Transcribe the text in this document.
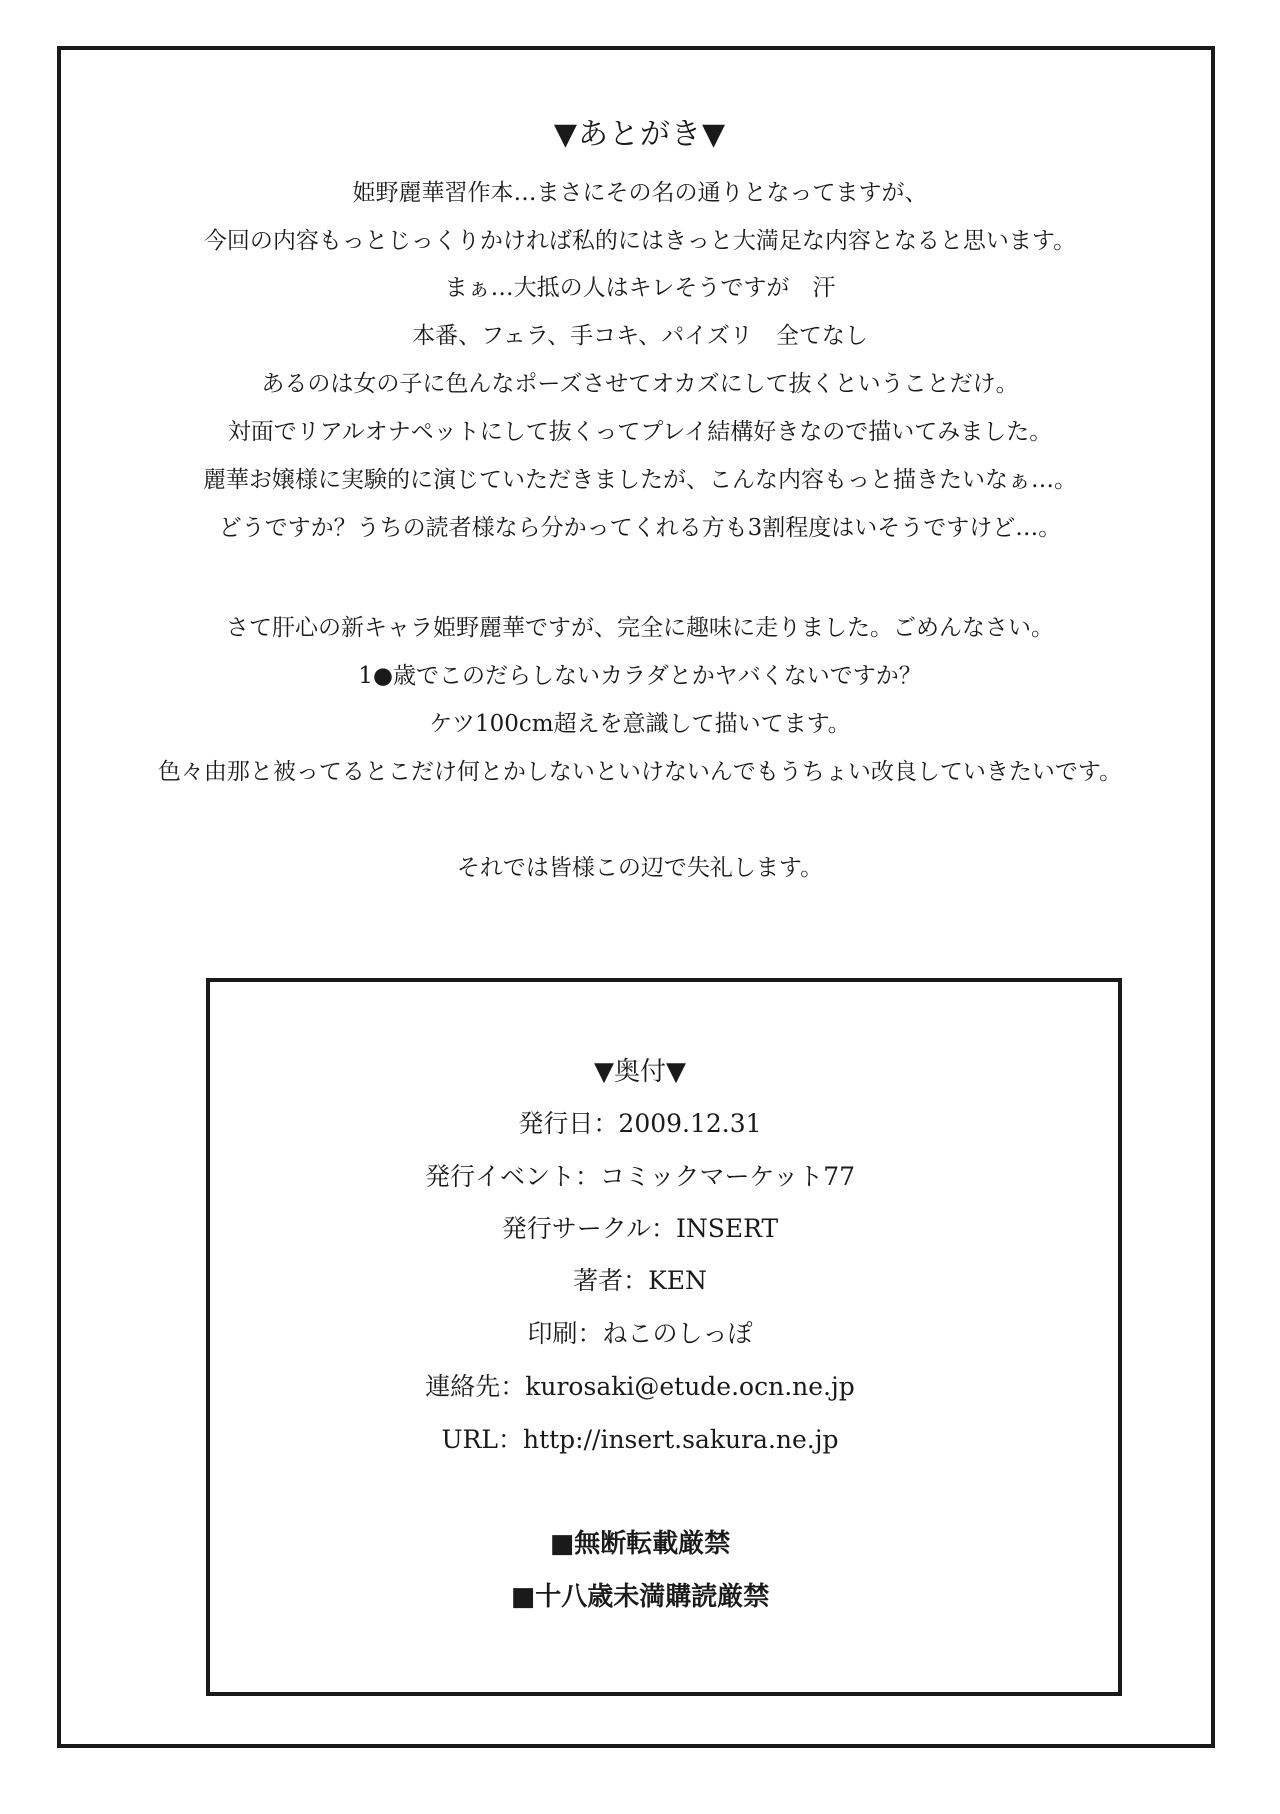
▼あとがき▼
姫野麗華習作本…まさにその名の通りとなってますが、
今回の内容もっとじっくりかければ私的にはきっと大満足な内容となると思います。
まぁ…大抵の人はキレそうですが　汗
本番、フェラ、手コキ、パイズリ　全てなし
あるのは女の子に色んなポーズさせてオカズにして抜くということだけ。
対面でリアルオナペットにして抜くってプレイ結構好きなので描いてみました。
麗華お嬢様に実験的に演じていただきましたが、こんな内容もっと描きたいなぁ…。
どうですか？うちの読者様なら分かってくれる方も3割程度はいそうですけど…。
さて肝心の新キャラ姫野麗華ですが、完全に趣味に走りました。ごめんなさい。
1●歳でこのだらしないカラダとかヤバくないですか？
ケツ100cm超えを意識して描いてます。
色々由那と被ってるとこだけ何とかしないといけないんでもうちょい改良していきたいです。
それでは皆様この辺で失礼します。
▼奥付▼
発行日：2009.12.31
発行イベント：コミックマーケット77
発行サークル：INSERT
著者：KEN
印刷：ねこのしっぽ
連絡先：kurosaki@etude.ocn.ne.jp
URL：http://insert.sakura.ne.jp
■無断転載厳禁
■十八歳未満購読厳禁
